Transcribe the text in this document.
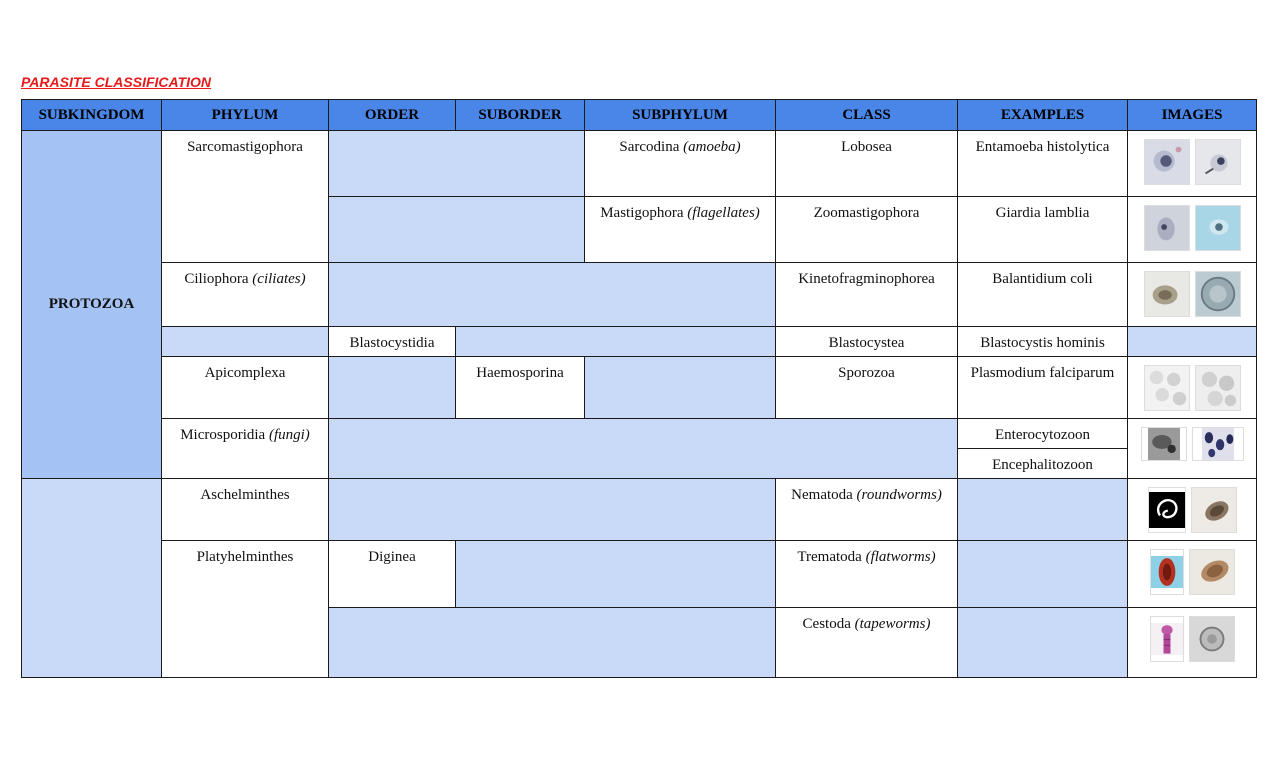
PARASITE CLASSIFICATION
SUBKINGDOM	PHYLUM	ORDER	SUBORDER	SUBPHYLUM	CLASS	EXAMPLES	IMAGES
PROTOZOA	Sarcomastigophora			Sarcodina (amoeba)	Lobosea	Entamoeba histolytica

				Mastigophora (flagellates)	Zoomastigophora	Giardia lamblia

	Ciliophora (ciliates)				Kinetofragminophorea	Balantidium coli

		Blastocystidia			Blastocystea	Blastocystis hominis	

	Apicomplexa		Haemosporina		Sporozoa	Plasmodium falciparum

	Microsporidia (fungi)					Enterocytozoon

						Encephalitozoon	

	Aschelminthes				Nematoda (roundworms)

	Platyhelminthes	Diginea			Trematoda (flatworms)

					Cestoda (tapeworms)
